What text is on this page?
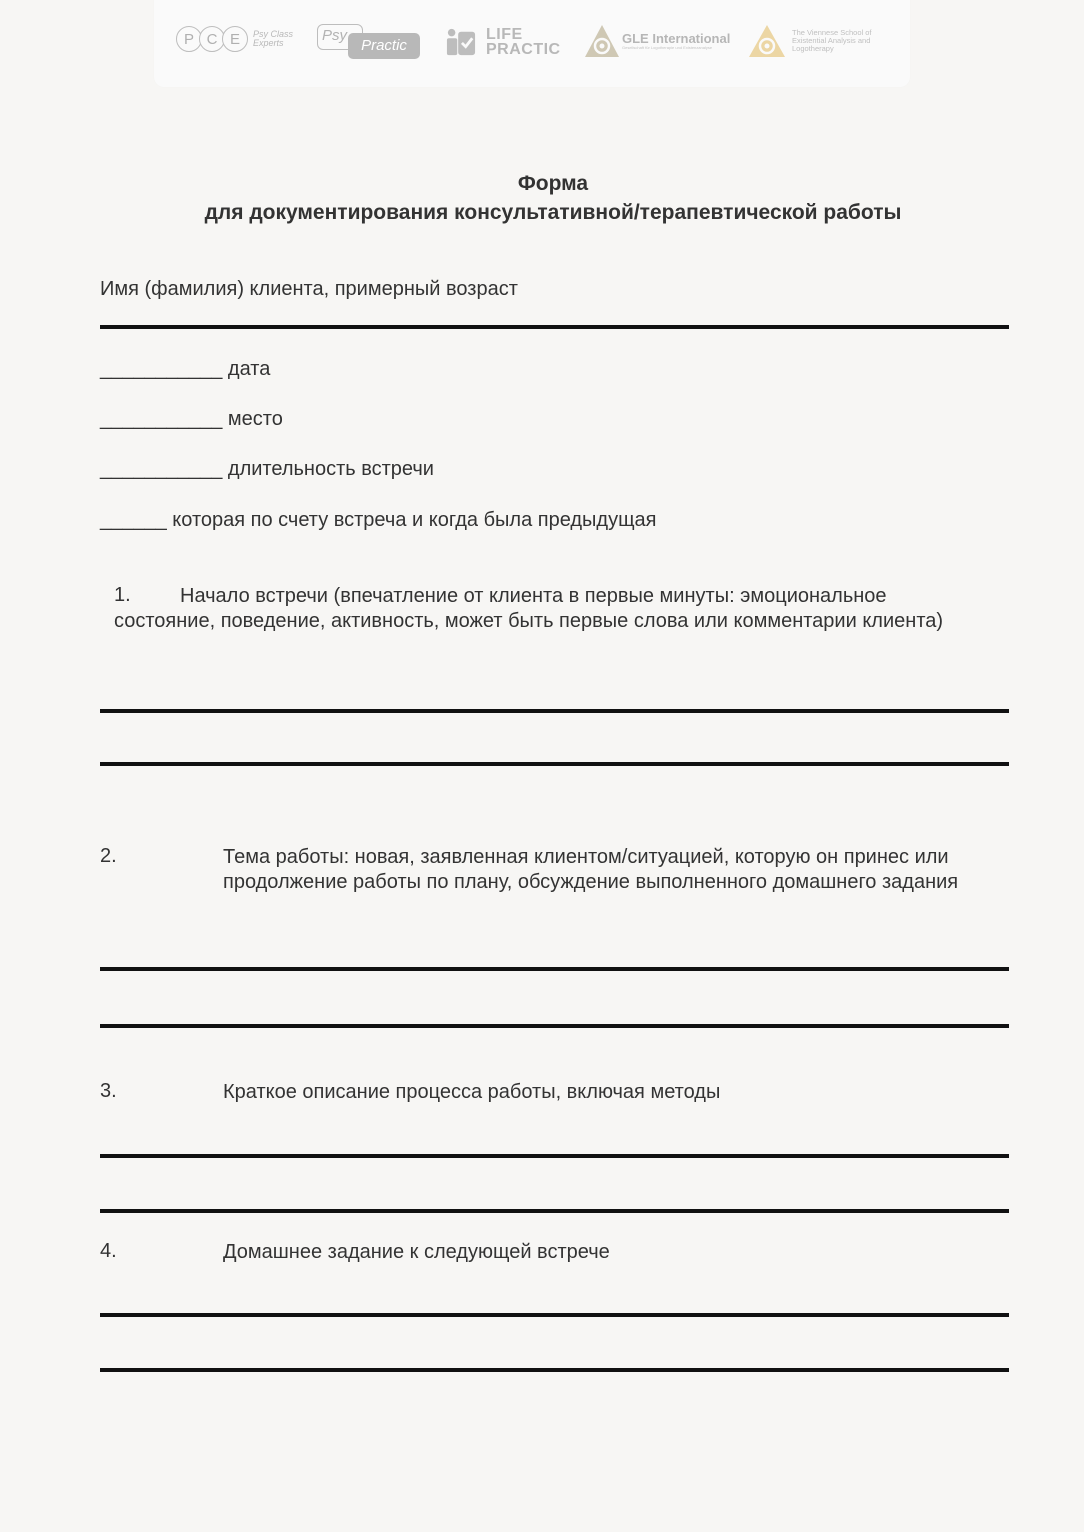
P C E	Psy Class Experts	Psy
Practic
LIFE PRACTIC
GLE International
Gesellschaft für Logotherapie und Existenzanalyse
The Viennese School of Existential Analysis and Logotherapy
Форма
для документирования консультативной/терапевтической работы
Имя (фамилия) клиента, примерный возраст
___________ дата
___________ место
___________ длительность встречи
______ которая по счету встреча и когда была предыдущая
1.	Начало встречи (впечатление от клиента в первые минуты: эмоциональное состояние, поведение, активность, может быть первые слова или комментарии клиента)
2.	Тема работы: новая, заявленная клиентом/ситуацией, которую он принес или продолжение работы по плану, обсуждение выполненного домашнего задания
3.	Краткое описание процесса работы, включая методы
4.	Домашнее задание к следующей встрече
